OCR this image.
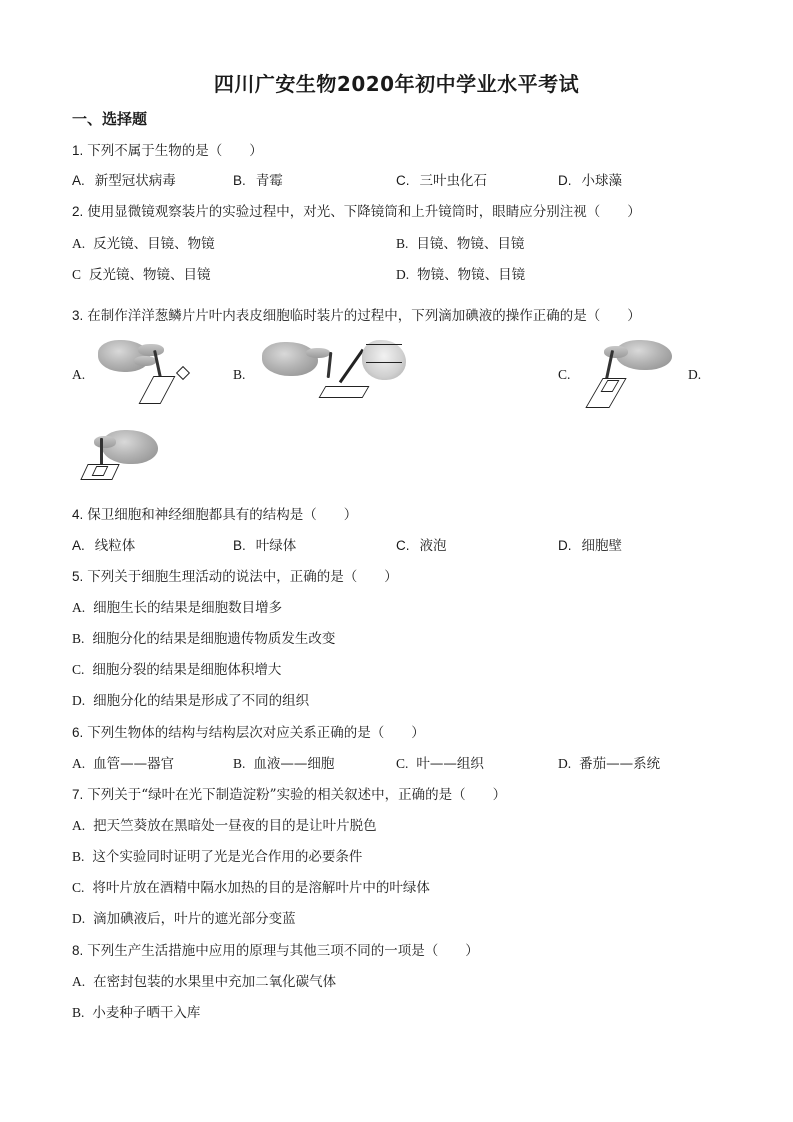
四川广安生物2020年初中学业水平考试
一、选择题
1. 下列不属于生物的是（　　）
A. 新型冠状病毒	B. 青霉	C. 三叶虫化石	D. 小球藻
2. 使用显微镜观察装片的实验过程中，对光、下降镜筒和上升镜筒时，眼睛应分别注视（　　）
A. 反光镜、目镜、物镜	B. 目镜、物镜、目镜
C 反光镜、物镜、目镜	D. 物镜、物镜、目镜
3. 在制作洋洋葱鳞片片叶内表皮细胞临时装片的过程中，下列滴加碘液的操作正确的是（　　）
A.	B.	C.	D.
4. 保卫细胞和神经细胞都具有的结构是（　　）
A. 线粒体	B. 叶绿体	C. 液泡	D. 细胞壁
5. 下列关于细胞生理活动的说法中，正确的是（　　）
A. 细胞生长的结果是细胞数目增多
B. 细胞分化的结果是细胞遗传物质发生改变
C. 细胞分裂的结果是细胞体积增大
D. 细胞分化的结果是形成了不同的组织
6. 下列生物体的结构与结构层次对应关系正确的是（　　）
A. 血管——器官	B. 血液——细胞	C. 叶——组织	D. 番茄——系统
7. 下列关于“绿叶在光下制造淀粉”实验的相关叙述中，正确的是（　　）
A. 把天竺葵放在黑暗处一昼夜的目的是让叶片脱色
B. 这个实验同时证明了光是光合作用的必要条件
C. 将叶片放在酒精中隔水加热的目的是溶解叶片中的叶绿体
D. 滴加碘液后，叶片的遮光部分变蓝
8. 下列生产生活措施中应用的原理与其他三项不同的一项是（　　）
A. 在密封包装的水果里中充加二氧化碳气体
B. 小麦种子晒干入库
